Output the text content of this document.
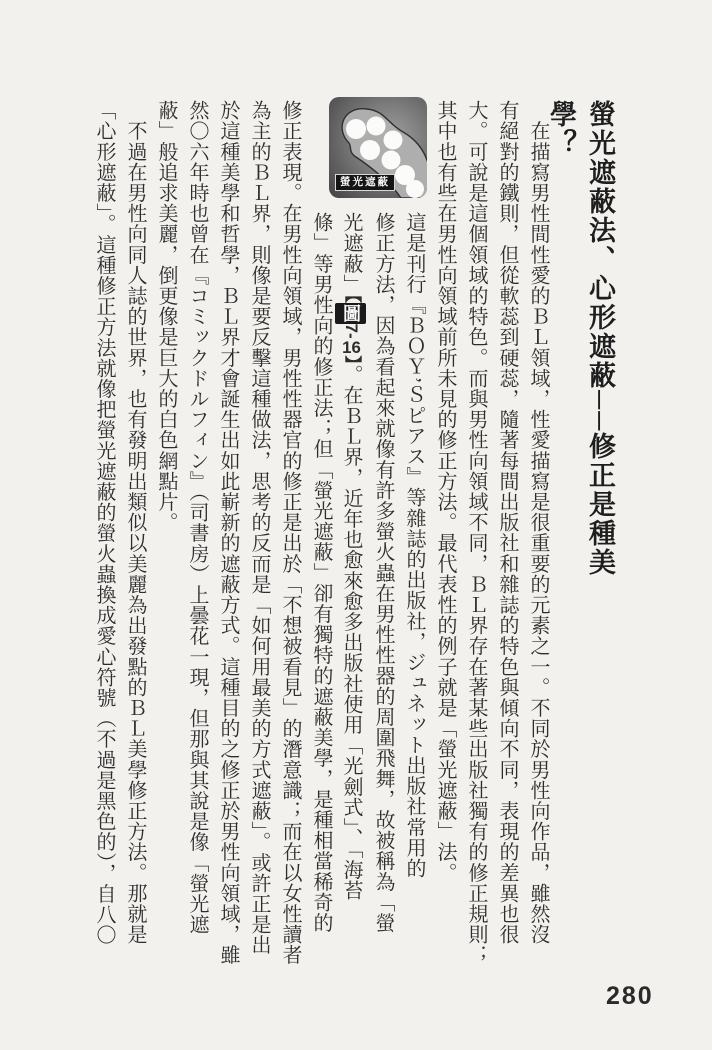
螢光遮蔽法、心形遮蔽──修正是種美學？
螢光遮蔽	　在描寫男性間性愛的ＢＬ領域，性愛描寫是很重要的元素之一。不同於男性向作品，雖然沒
有絕對的鐵則，但從軟蕊到硬蕊，隨著每間出版社和雜誌的特色與傾向不同，表現的差異也很
大。可說是這個領域的特色。而與男性向領域不同，ＢＬ界存在著某些出版社獨有的修正規則；
其中也有些在男性向領域前所未見的修正方法。最代表性的例子就是「螢光遮蔽」法。
這是刊行『ＢＯＹ’Ｓピアス』等雜誌的出版社，ジュネット出版社常用的
修正方法，因為看起來就像有許多螢火蟲在男性性器的周圍飛舞，故被稱為「螢
光遮蔽」【圖7-16】。在ＢＬ界，近年也愈來愈多出版社使用「光劍式」、「海苔
條」等男性向的修正法；但「螢光遮蔽」卻有獨特的遮蔽美學，是種相當稀奇的
修正表現。在男性向領域，男性性器官的修正是出於「不想被看見」的潛意識；而在以女性讀者
為主的ＢＬ界，則像是要反擊這種做法，思考的反而是「如何用最美的方式遮蔽」。或許正是出
於這種美學和哲學，ＢＬ界才會誕生出如此嶄新的遮蔽方式。這種目的之修正於男性向領域，雖
然〇六年時也曾在『コミックドルフィン』（司書房）上曇花一現，但那與其說是像「螢光遮
蔽」般追求美麗，倒更像是巨大的白色網點片。
　不過在男性向同人誌的世界，也有發明出類似以美麗為出發點的ＢＬ美學修正方法。那就是
「心形遮蔽」。這種修正方法就像把螢光遮蔽的螢火蟲換成愛心符號（不過是黑色的），自八〇
280
